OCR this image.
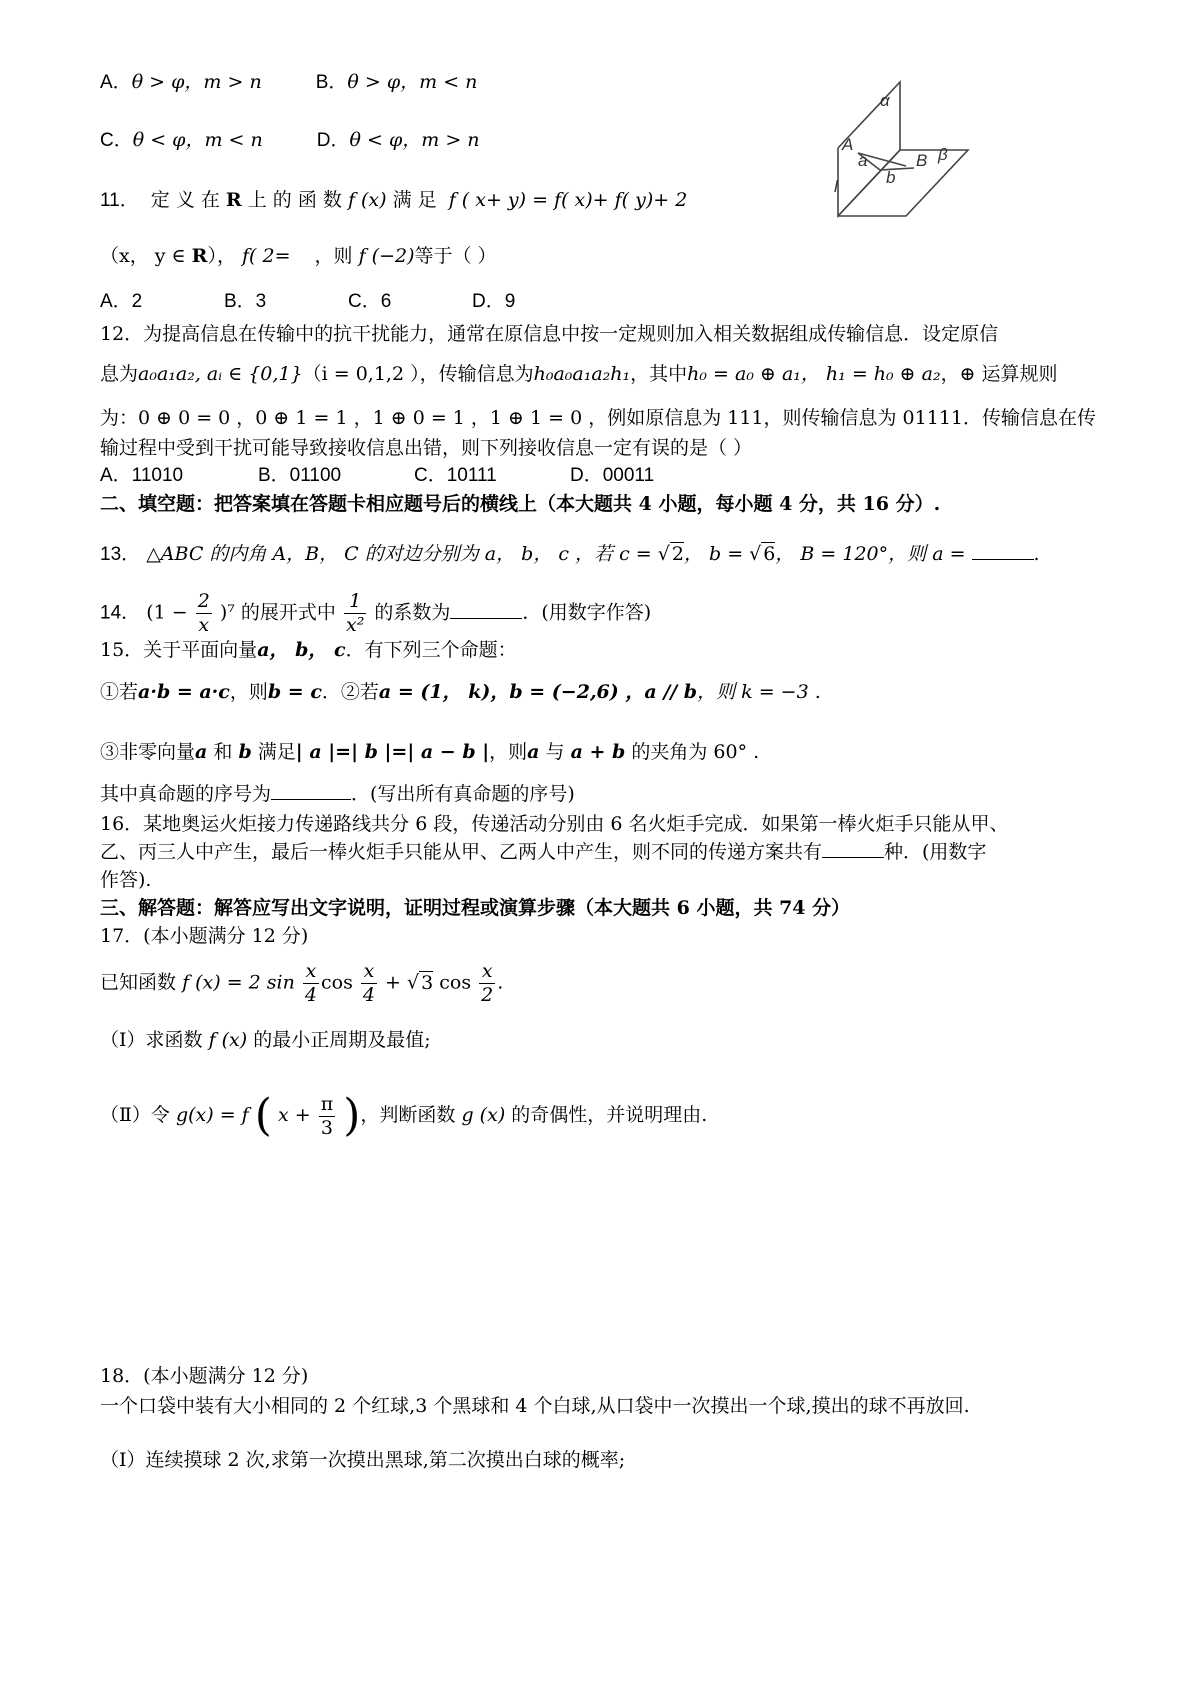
A．θ > φ，m > n	B．θ > φ，m < n
C．θ < φ，m < n	D．θ < φ，m > n
α
β
A
B
a
b
l
11． 定 义 在 R 上 的 函 数 f (x) 满 足 f ( x+ y) = f( x)+ f( y)+ 2
（x， y ∈ R）， f( 2= ，则 f (−2)等于（ ）
A．2	B．3	C．6	D．9
12．为提高信息在传输中的抗干扰能力，通常在原信息中按一定规则加入相关数据组成传输信息．设定原信
息为a₀a₁a₂, aᵢ ∈ {0,1}（i = 0,1,2 ），传输信息为h₀a₀a₁a₂h₁，其中h₀ = a₀ ⊕ a₁， h₁ = h₀ ⊕ a₂，⊕ 运算规则
为：0 ⊕ 0 = 0 ，0 ⊕ 1 = 1 ，1 ⊕ 0 = 1 ，1 ⊕ 1 = 0 ，例如原信息为 111，则传输信息为 01111．传输信息在传
输过程中受到干扰可能导致接收信息出错，则下列接收信息一定有误的是（ ）
A．11010	B．01100	C．10111	D．00011
二、填空题：把答案填在答题卡相应题号后的横线上（本大题共 4 小题，每小题 4 分，共 16 分）.
13． △ABC 的内角 A，B， C 的对边分别为 a， b， c ，若 c = √ 2， b = √ 6， B = 120°，则 a =	.
14． $(1 - \frac{2}{x} )^7$ 的展开式中 $\frac{1}{\text{x²}}$ 的系数为	．(用数字作答)
15．关于平面向量a， b， c．有下列三个命题：
①若a·b = a·c，则b = c．②若a = (1， k)，b = (−2,6) ，a // b，则 k = −3 .
③非零向量a 和 b 满足| a |=| b |=| a − b |，则a 与 a + b 的夹角为 60° .
其中真命题的序号为	．(写出所有真命题的序号)
16．某地奥运火炬接力传递路线共分 6 段，传递活动分别由 6 名火炬手完成．如果第一棒火炬手只能从甲、
乙、丙三人中产生，最后一棒火炬手只能从甲、乙两人中产生，则不同的传递方案共有	种．(用数字
作答).
三、解答题：解答应写出文字说明，证明过程或演算步骤（本大题共 6 小题，共 74 分）
17．(本小题满分 12 分)
已知函数 f (x) = 2 $\sin \frac{x}{4}$ $\cos \frac{x}{4}$ + √ 3 $\cos \frac{x}{2}$ .
（Ⅰ）求函数 f (x) 的最小正周期及最值;
（Ⅱ）令 g(x) = f ( $x + \frac{\pi}{3}$ )，判断函数 g (x) 的奇偶性，并说明理由.
18．(本小题满分 12 分)
一个口袋中装有大小相同的 2 个红球,3 个黑球和 4 个白球,从口袋中一次摸出一个球,摸出的球不再放回.
（Ⅰ）连续摸球 2 次,求第一次摸出黑球,第二次摸出白球的概率;
